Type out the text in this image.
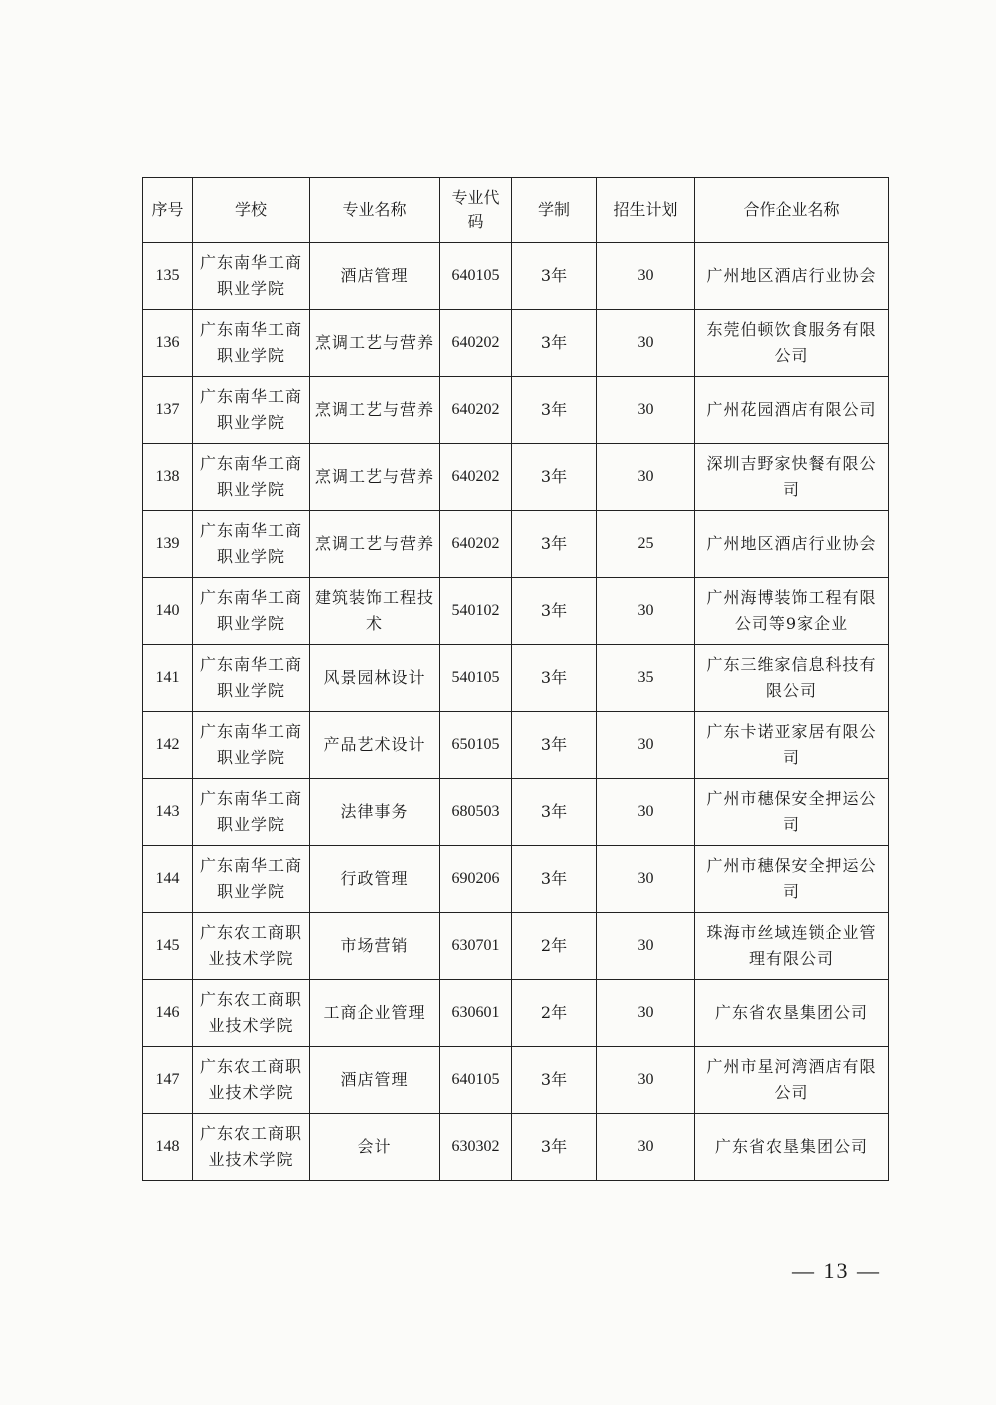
序号	学校	专业名称	专业代码	学制	招生计划	合作企业名称
135	广东南华工商职业学院	酒店管理	640105	3年	30	广州地区酒店行业协会
136	广东南华工商职业学院	烹调工艺与营养	640202	3年	30	东莞伯顿饮食服务有限公司
137	广东南华工商职业学院	烹调工艺与营养	640202	3年	30	广州花园酒店有限公司
138	广东南华工商职业学院	烹调工艺与营养	640202	3年	30	深圳吉野家快餐有限公司
139	广东南华工商职业学院	烹调工艺与营养	640202	3年	25	广州地区酒店行业协会
140	广东南华工商职业学院	建筑装饰工程技术	540102	3年	30	广州海博装饰工程有限公司等9家企业
141	广东南华工商职业学院	风景园林设计	540105	3年	35	广东三维家信息科技有限公司
142	广东南华工商职业学院	产品艺术设计	650105	3年	30	广东卡诺亚家居有限公司
143	广东南华工商职业学院	法律事务	680503	3年	30	广州市穗保安全押运公司
144	广东南华工商职业学院	行政管理	690206	3年	30	广州市穗保安全押运公司
145	广东农工商职业技术学院	市场营销	630701	2年	30	珠海市丝域连锁企业管理有限公司
146	广东农工商职业技术学院	工商企业管理	630601	2年	30	广东省农垦集团公司
147	广东农工商职业技术学院	酒店管理	640105	3年	30	广州市星河湾酒店有限公司
148	广东农工商职业技术学院	会计	630302	3年	30	广东省农垦集团公司
— 13 —
